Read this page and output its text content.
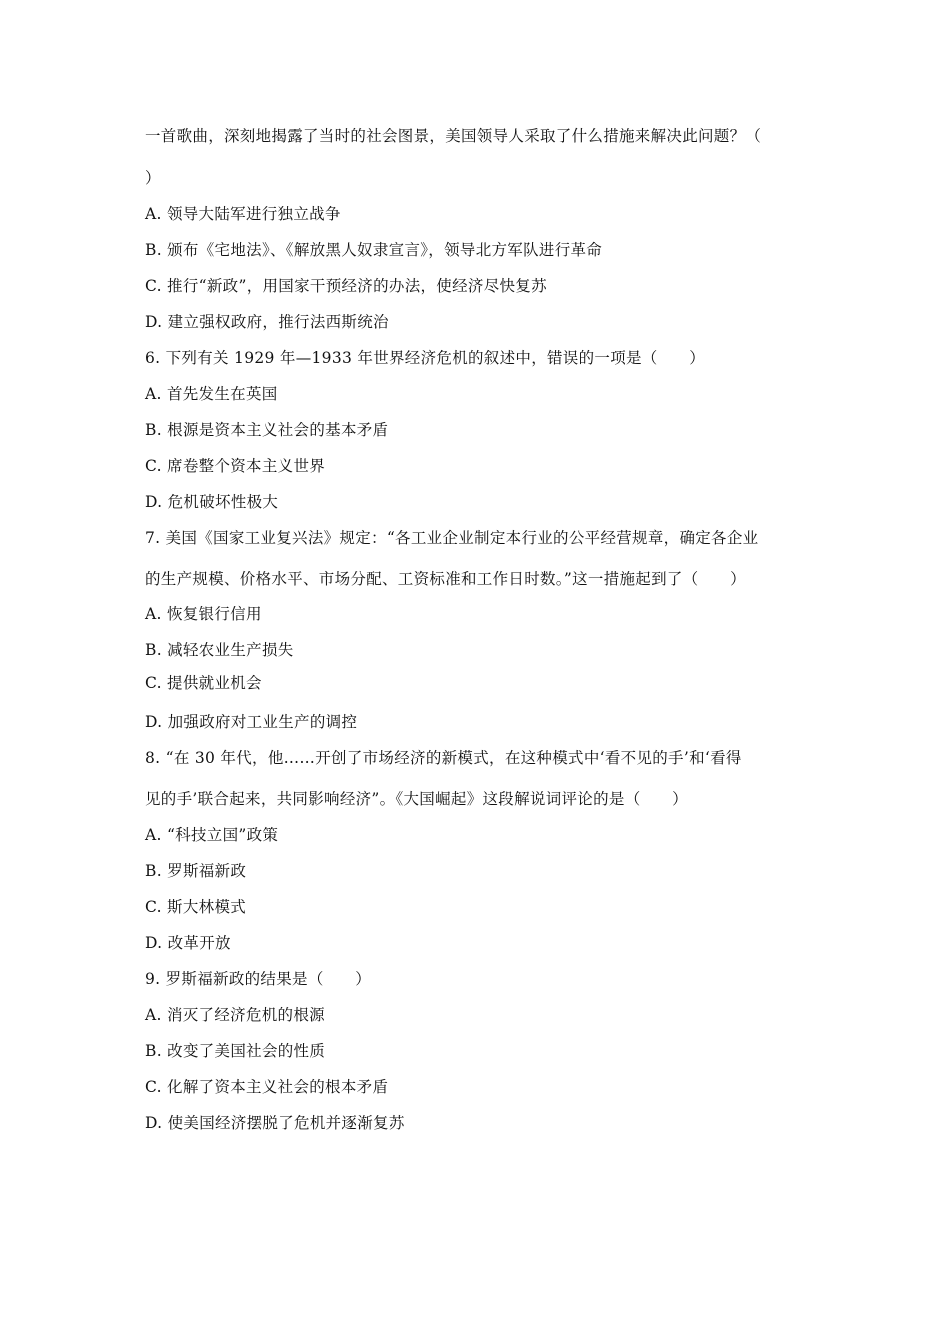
一首歌曲，深刻地揭露了当时的社会图景，美国领导人采取了什么措施来解决此问题？（
）
A. 领导大陆军进行独立战争
B. 颁布《宅地法》、《解放黑人奴隶宣言》，领导北方军队进行革命
C. 推行“新政”，用国家干预经济的办法，使经济尽快复苏
D. 建立强权政府，推行法西斯统治
6. 下列有关 1929 年—1933 年世界经济危机的叙述中，错误的一项是（　　）
A. 首先发生在英国
B. 根源是资本主义社会的基本矛盾
C. 席卷整个资本主义世界
D. 危机破坏性极大
7. 美国《国家工业复兴法》规定：“各工业企业制定本行业的公平经营规章，确定各企业
的生产规模、价格水平、市场分配、工资标准和工作日时数。”这一措施起到了（　　）
A. 恢复银行信用
B. 减轻农业生产损失
C. 提供就业机会
D. 加强政府对工业生产的调控
8. “在 30 年代，他……开创了市场经济的新模式，在这种模式中‘看不见的手’和‘看得
见的手’联合起来，共同影响经济”。《大国崛起》这段解说词评论的是（　　）
A. “科技立国”政策
B. 罗斯福新政
C. 斯大林模式
D. 改革开放
9. 罗斯福新政的结果是（　　）
A. 消灭了经济危机的根源
B. 改变了美国社会的性质
C. 化解了资本主义社会的根本矛盾
D. 使美国经济摆脱了危机并逐渐复苏
